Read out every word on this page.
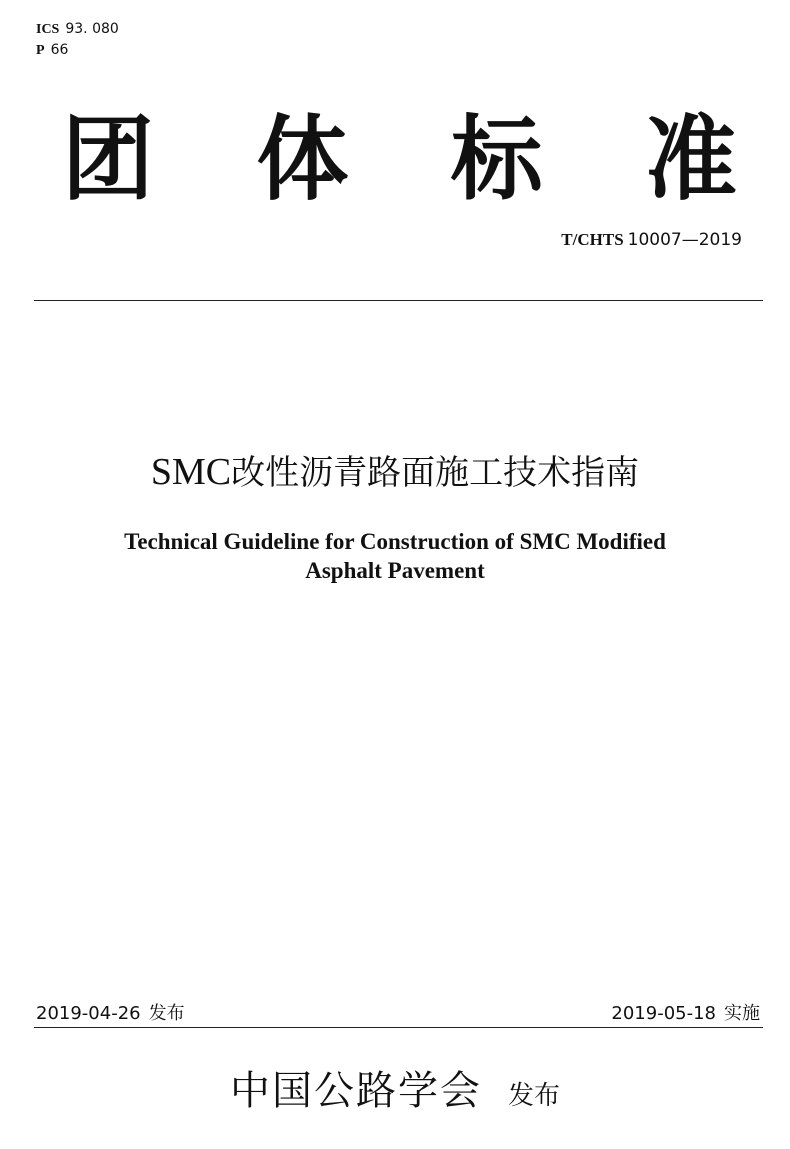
ICS 93. 080
P 66
团 体 标 准
T/CHTS 10007—2019
SMC改性沥青路面施工技术指南
Technical Guideline for Construction of SMC Modified
Asphalt Pavement
2019-04-26 发布	2019-05-18 实施
中国公路学会 发布
